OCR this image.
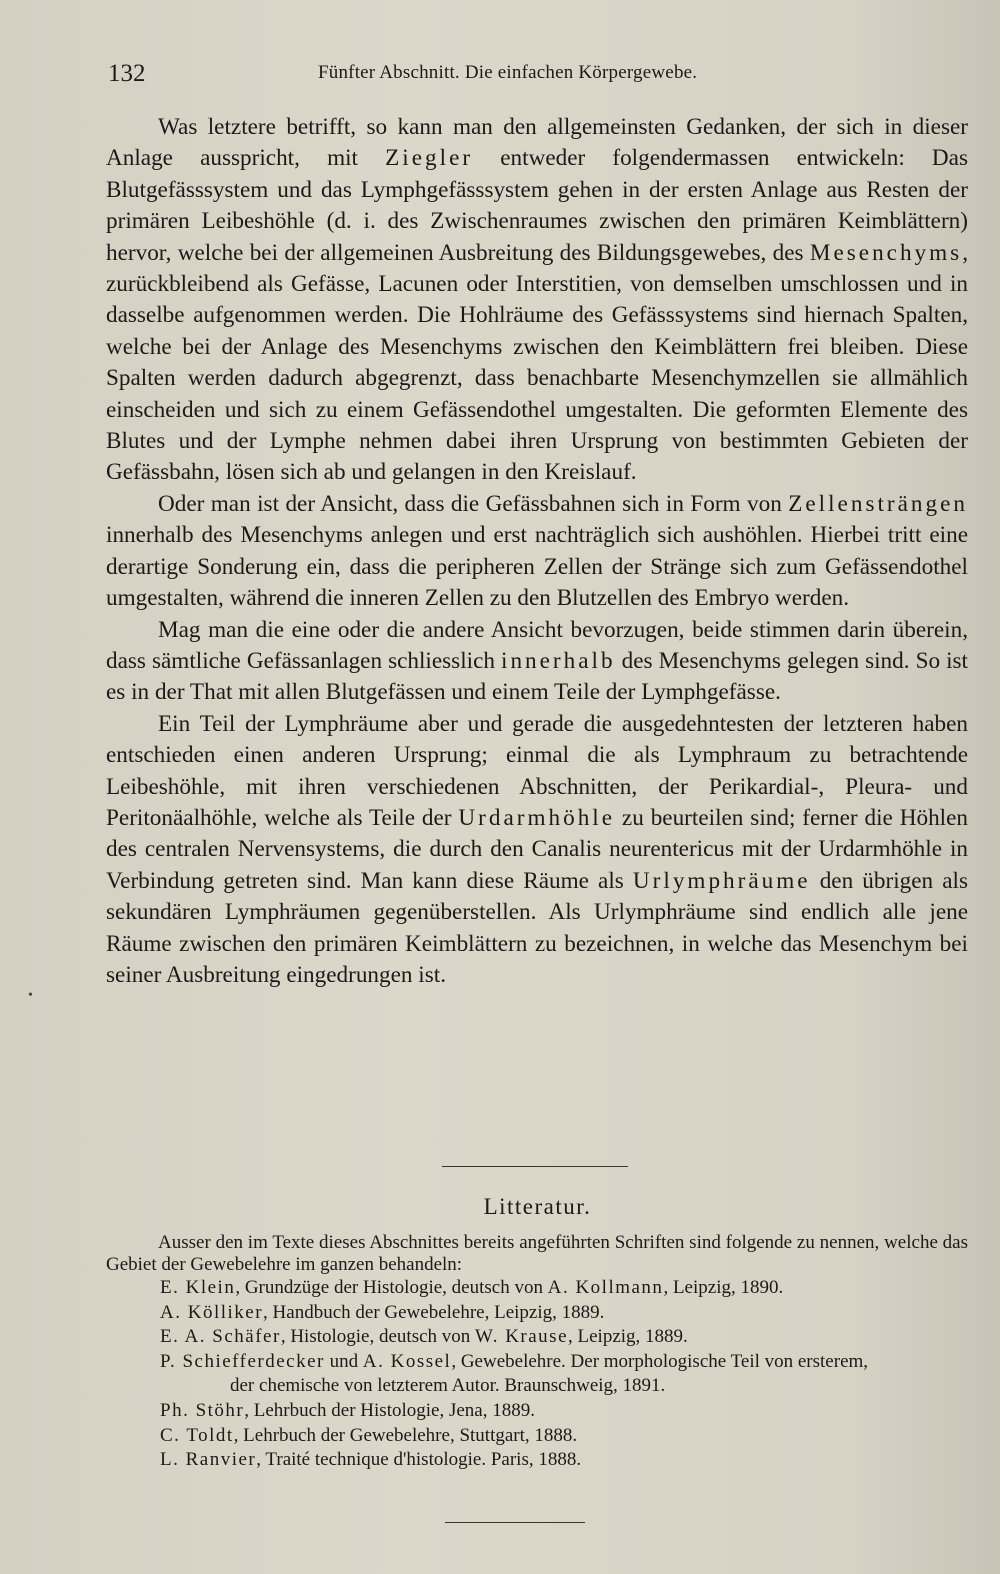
132	Fünfter Abschnitt. Die einfachen Körpergewebe.

Was letztere betrifft, so kann man den allgemeinsten Gedanken, der sich in dieser Anlage ausspricht, mit Ziegler entweder folgendermassen entwickeln: Das Blutgefässsystem und das Lymphgefässsystem gehen in der ersten Anlage aus Resten der primären Leibeshöhle (d. i. des Zwischenraumes zwischen den primären Keimblättern) hervor, welche bei der allgemeinen Ausbreitung des Bildungsgewebes, des Mesenchyms, zurückbleibend als Gefässe, Lacunen oder Interstitien, von demselben umschlossen und in dasselbe aufgenommen werden. Die Hohlräume des Gefässsystems sind hiernach Spalten, welche bei der Anlage des Mesenchyms zwischen den Keimblättern frei bleiben. Diese Spalten werden dadurch abgegrenzt, dass benachbarte Mesenchymzellen sie allmählich einscheiden und sich zu einem Gefässendothel umgestalten. Die geformten Elemente des Blutes und der Lymphe nehmen dabei ihren Ursprung von bestimmten Gebieten der Gefässbahn, lösen sich ab und gelangen in den Kreislauf.

Oder man ist der Ansicht, dass die Gefässbahnen sich in Form von Zellensträngen innerhalb des Mesenchyms anlegen und erst nachträglich sich aushöhlen. Hierbei tritt eine derartige Sonderung ein, dass die peripheren Zellen der Stränge sich zum Gefässendothel umgestalten, während die inneren Zellen zu den Blutzellen des Embryo werden.

Mag man die eine oder die andere Ansicht bevorzugen, beide stimmen darin überein, dass sämtliche Gefässanlagen schliesslich innerhalb des Mesenchyms gelegen sind. So ist es in der That mit allen Blutgefässen und einem Teile der Lymphgefässe.

Ein Teil der Lymphräume aber und gerade die ausgedehntesten der letzteren haben entschieden einen anderen Ursprung; einmal die als Lymphraum zu betrachtende Leibeshöhle, mit ihren verschiedenen Abschnitten, der Perikardial-, Pleura- und Peritonäalhöhle, welche als Teile der Urdarmhöhle zu beurteilen sind; ferner die Höhlen des centralen Nervensystems, die durch den Canalis neurentericus mit der Urdarmhöhle in Verbindung getreten sind. Man kann diese Räume als Urlymphräume den übrigen als sekundären Lymphräumen gegenüberstellen. Als Urlymphräume sind endlich alle jene Räume zwischen den primären Keimblättern zu bezeichnen, in welche das Mesenchym bei seiner Ausbreitung eingedrungen ist.

•
Litteratur.
Ausser den im Texte dieses Abschnittes bereits angeführten Schriften sind folgende zu nennen, welche das Gebiet der Gewebelehre im ganzen behandeln:
E. Klein, Grundzüge der Histologie, deutsch von A. Kollmann, Leipzig, 1890.
A. Kölliker, Handbuch der Gewebelehre, Leipzig, 1889.
E. A. Schäfer, Histologie, deutsch von W. Krause, Leipzig, 1889.
P. Schiefferdecker und A. Kossel, Gewebelehre. Der morphologische Teil von ersterem,
der chemische von letzterem Autor. Braunschweig, 1891.
Ph. Stöhr, Lehrbuch der Histologie, Jena, 1889.
C. Toldt, Lehrbuch der Gewebelehre, Stuttgart, 1888.
L. Ranvier, Traité technique d'histologie. Paris, 1888.
